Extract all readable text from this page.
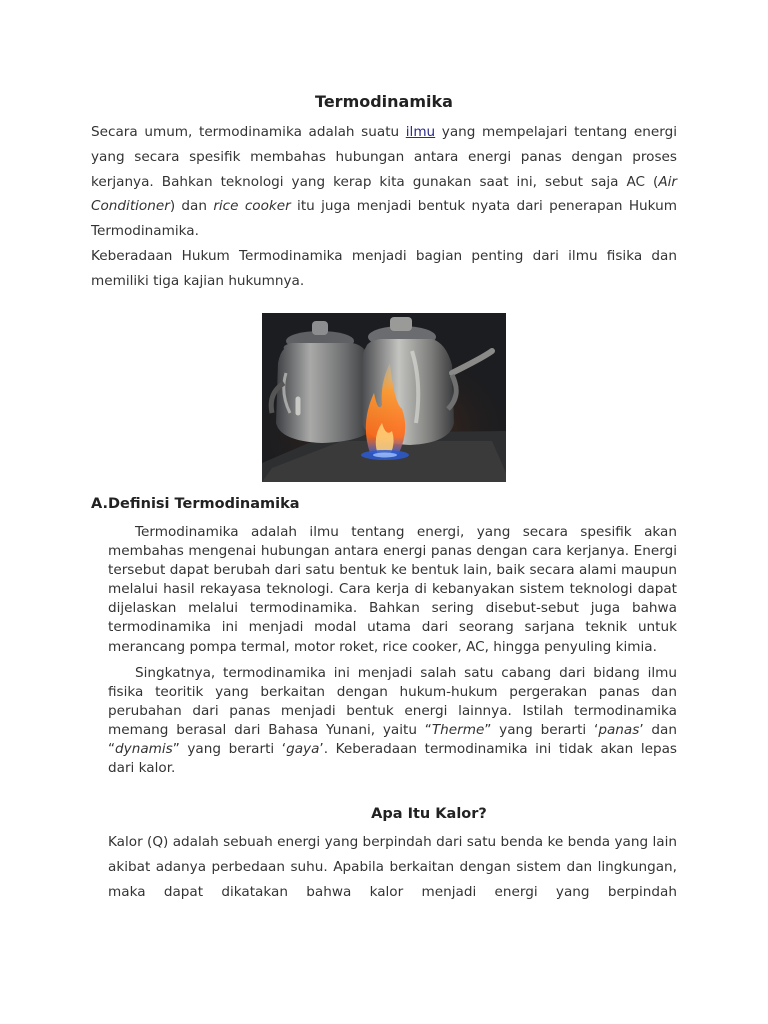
Termodinamika

Secara umum, termodinamika adalah suatu ilmu yang mempelajari tentang energi yang secara spesifik membahas hubungan antara energi panas dengan proses kerjanya. Bahkan teknologi yang kerap kita gunakan saat ini, sebut saja AC (Air Conditioner) dan rice cooker itu juga menjadi bentuk nyata dari penerapan Hukum Termodinamika.

Keberadaan Hukum Termodinamika menjadi bagian penting dari ilmu fisika dan memiliki tiga kajian hukumnya.

A.Definisi Termodinamika

Termodinamika adalah ilmu tentang energi, yang secara spesifik akan membahas mengenai hubungan antara energi panas dengan cara kerjanya. Energi tersebut dapat berubah dari satu bentuk ke bentuk lain, baik secara alami maupun melalui hasil rekayasa teknologi. Cara kerja di kebanyakan sistem teknologi dapat dijelaskan melalui termodinamika. Bahkan sering disebut-sebut juga bahwa termodinamika ini menjadi modal utama dari seorang sarjana teknik untuk merancang pompa termal, motor roket, rice cooker, AC, hingga penyuling kimia.

Singkatnya, termodinamika ini menjadi salah satu cabang dari bidang ilmu fisika teoritik yang berkaitan dengan hukum-hukum pergerakan panas dan perubahan dari panas menjadi bentuk energi lainnya. Istilah termodinamika memang berasal dari Bahasa Yunani, yaitu “Therme” yang berarti ‘panas’ dan “dynamis” yang berarti ‘gaya’. Keberadaan termodinamika ini tidak akan lepas dari kalor.

Apa Itu Kalor?
Kalor (Q) adalah sebuah energi yang berpindah dari satu benda ke benda yang lain akibat adanya perbedaan suhu. Apabila berkaitan dengan sistem dan lingkungan, maka dapat dikatakan bahwa kalor menjadi energi yang berpindah
